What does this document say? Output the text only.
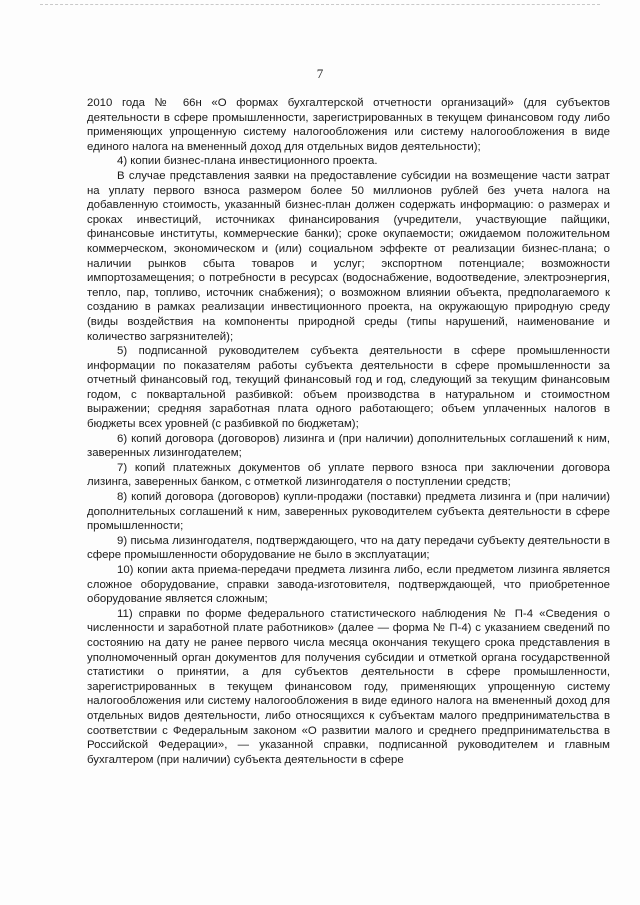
7

2010 года № 66н «О формах бухгалтерской отчетности организаций» (для субъектов деятельности в сфере промышленности, зарегистрированных в текущем финансовом году либо применяющих упрощенную систему налогообложения или систему налогообложения в виде единого налога на вмененный доход для отдельных видов деятельности);

4) копии бизнес-плана инвестиционного проекта.

В случае представления заявки на предоставление субсидии на возмещение части затрат на уплату первого взноса размером более 50 миллионов рублей без учета налога на добавленную стоимость, указанный бизнес-план должен содержать информацию: о размерах и сроках инвестиций, источниках финансирования (учредители, участвующие пайщики, финансовые институты, коммерческие банки); сроке окупаемости; ожидаемом положительном коммерческом, экономическом и (или) социальном эффекте от реализации бизнес-плана; о наличии рынков сбыта товаров и услуг; экспортном потенциале; возможности импортозамещения; о потребности в ресурсах (водоснабжение, водоотведение, электроэнергия, тепло, пар, топливо, источник снабжения); о возможном влиянии объекта, предполагаемого к созданию в рамках реализации инвестиционного проекта, на окружающую природную среду (виды воздействия на компоненты природной среды (типы нарушений, наименование и количество загрязнителей);

5) подписанной руководителем субъекта деятельности в сфере промышленности информации по показателям работы субъекта деятельности в сфере промышленности за отчетный финансовый год, текущий финансовый год и год, следующий за текущим финансовым годом, с поквартальной разбивкой: объем производства в натуральном и стоимостном выражении; средняя заработная плата одного работающего; объем уплаченных налогов в бюджеты всех уровней (с разбивкой по бюджетам);

6) копий договора (договоров) лизинга и (при наличии) дополнительных соглашений к ним, заверенных лизингодателем;

7) копий платежных документов об уплате первого взноса при заключении договора лизинга, заверенных банком, с отметкой лизингодателя о поступлении средств;

8) копий договора (договоров) купли-продажи (поставки) предмета лизинга и (при наличии) дополнительных соглашений к ним, заверенных руководителем субъекта деятельности в сфере промышленности;

9) письма лизингодателя, подтверждающего, что на дату передачи субъекту деятельности в сфере промышленности оборудование не было в эксплуатации;

10) копии акта приема-передачи предмета лизинга либо, если предметом лизинга является сложное оборудование, справки завода-изготовителя, подтверждающей, что приобретенное оборудование является сложным;

11) справки по форме федерального статистического наблюдения № П-4 «Сведения о численности и заработной плате работников» (далее — форма № П-4) с указанием сведений по состоянию на дату не ранее первого числа месяца окончания текущего срока представления в уполномоченный орган документов для получения субсидии и отметкой органа государственной статистики о принятии, а для субъектов деятельности в сфере промышленности, зарегистрированных в текущем финансовом году, применяющих упрощенную систему налогообложения или систему налогообложения в виде единого налога на вмененный доход для отдельных видов деятельности, либо относящихся к субъектам малого предпринимательства в соответствии с Федеральным законом «О развитии малого и среднего предпринимательства в Российской Федерации», — указанной справки, подписанной руководителем и главным бухгалтером (при наличии) субъекта деятельности в сфере
